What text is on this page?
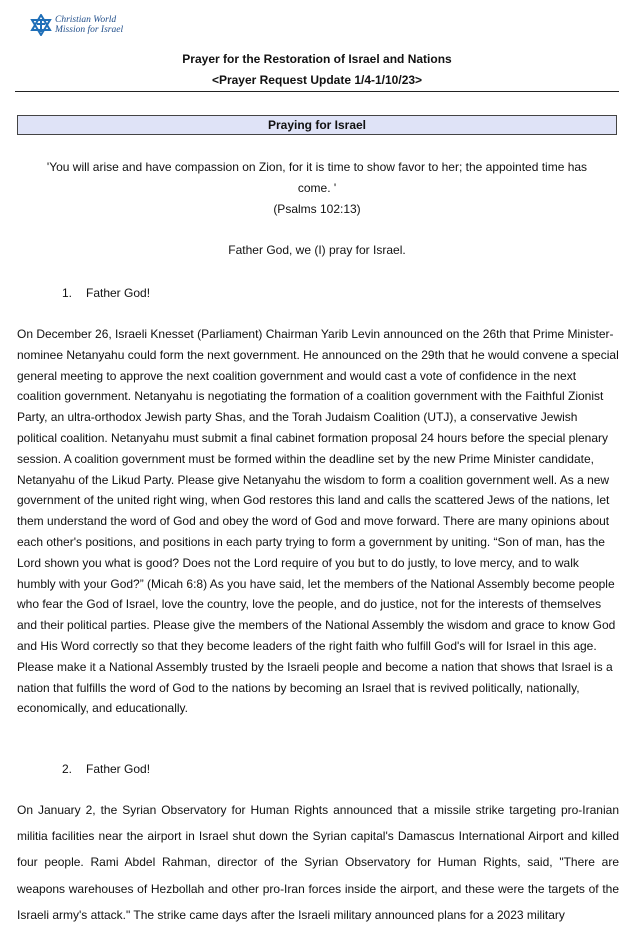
Christian World
Mission for Israel
Prayer for the Restoration of Israel and Nations
<Prayer Request Update 1/4-1/10/23>
Praying for Israel
'You will arise and have compassion on Zion, for it is time to show favor to her; the appointed time has
come. '
(Psalms 102:13)
Father God, we (I) pray for Israel.
1. Father God!

On December 26, Israeli Knesset (Parliament) Chairman Yarib Levin announced on the 26th that Prime Minister-nominee Netanyahu could form the next government. He announced on the 29th that he would convene a special general meeting to approve the next coalition government and would cast a vote of confidence in the next coalition government. Netanyahu is negotiating the formation of a coalition government with the Faithful Zionist Party, an ultra-orthodox Jewish party Shas, and the Torah Judaism Coalition (UTJ), a conservative Jewish political coalition. Netanyahu must submit a final cabinet formation proposal 24 hours before the special plenary session. A coalition government must be formed within the deadline set by the new Prime Minister candidate, Netanyahu of the Likud Party. Please give Netanyahu the wisdom to form a coalition government well. As a new government of the united right wing, when God restores this land and calls the scattered Jews of the nations, let them understand the word of God and obey the word of God and move forward. There are many opinions about each other's positions, and positions in each party trying to form a government by uniting. “Son of man, has the Lord shown you what is good? Does not the Lord require of you but to do justly, to love mercy, and to walk humbly with your God?” (Micah 6:8) As you have said, let the members of the National Assembly become people who fear the God of Israel, love the country, love the people, and do justice, not for the interests of themselves and their political parties. Please give the members of the National Assembly the wisdom and grace to know God and His Word correctly so that they become leaders of the right faith who fulfill God's will for Israel in this age. Please make it a National Assembly trusted by the Israeli people and become a nation that shows that Israel is a nation that fulfills the word of God to the nations by becoming an Israel that is revived politically, nationally, economically, and educationally.

2. Father God!

On January 2, the Syrian Observatory for Human Rights announced that a missile strike targeting pro-Iranian militia facilities near the airport in Israel shut down the Syrian capital's Damascus International Airport and killed four people. Rami Abdel Rahman, director of the Syrian Observatory for Human Rights, said, "There are weapons warehouses of Hezbollah and other pro-Iran forces inside the airport, and these were the targets of the Israeli army's attack." The strike came days after the Israeli military announced plans for a 2023 military
